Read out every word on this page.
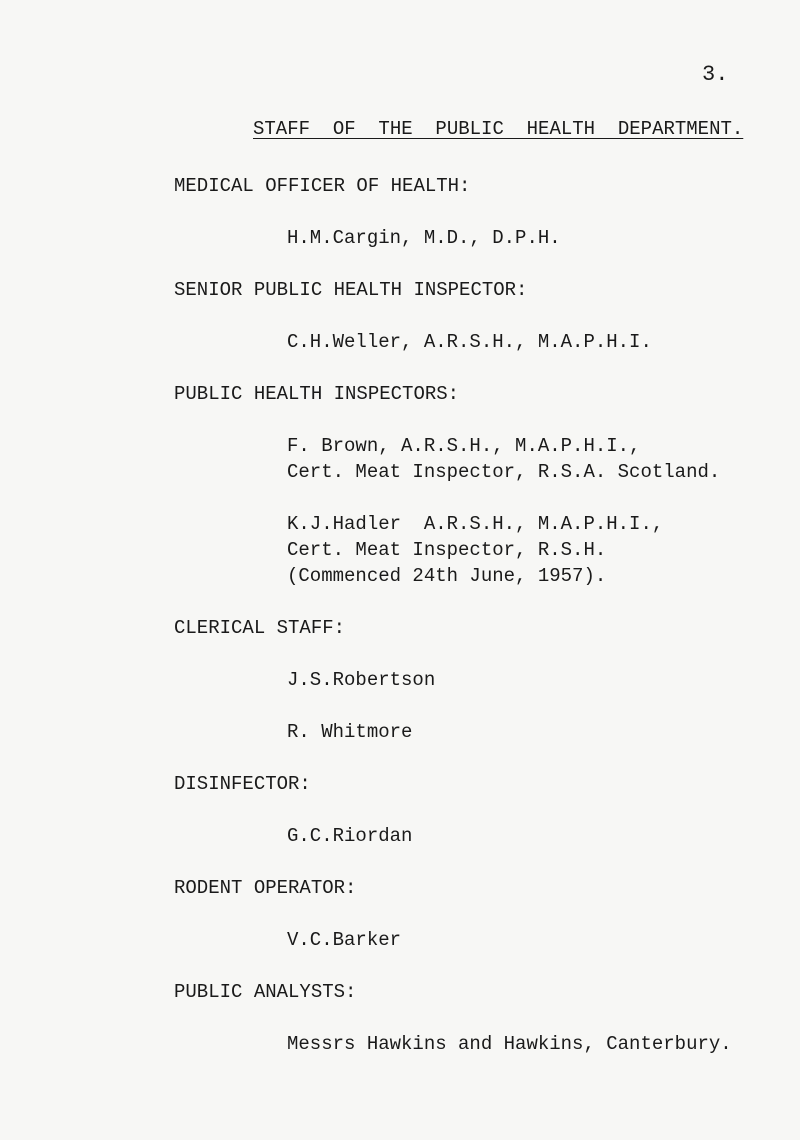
3.
STAFF  OF  THE  PUBLIC  HEALTH  DEPARTMENT.
MEDICAL OFFICER OF HEALTH:
H.M.Cargin, M.D., D.P.H.
SENIOR PUBLIC HEALTH INSPECTOR:
C.H.Weller, A.R.S.H., M.A.P.H.I.
PUBLIC HEALTH INSPECTORS:
F. Brown, A.R.S.H., M.A.P.H.I.,
Cert. Meat Inspector, R.S.A. Scotland.
K.J.Hadler  A.R.S.H., M.A.P.H.I.,
Cert. Meat Inspector, R.S.H.
(Commenced 24th June, 1957).
CLERICAL STAFF:
J.S.Robertson
R. Whitmore
DISINFECTOR:
G.C.Riordan
RODENT OPERATOR:
V.C.Barker
PUBLIC ANALYSTS:
Messrs Hawkins and Hawkins, Canterbury.
